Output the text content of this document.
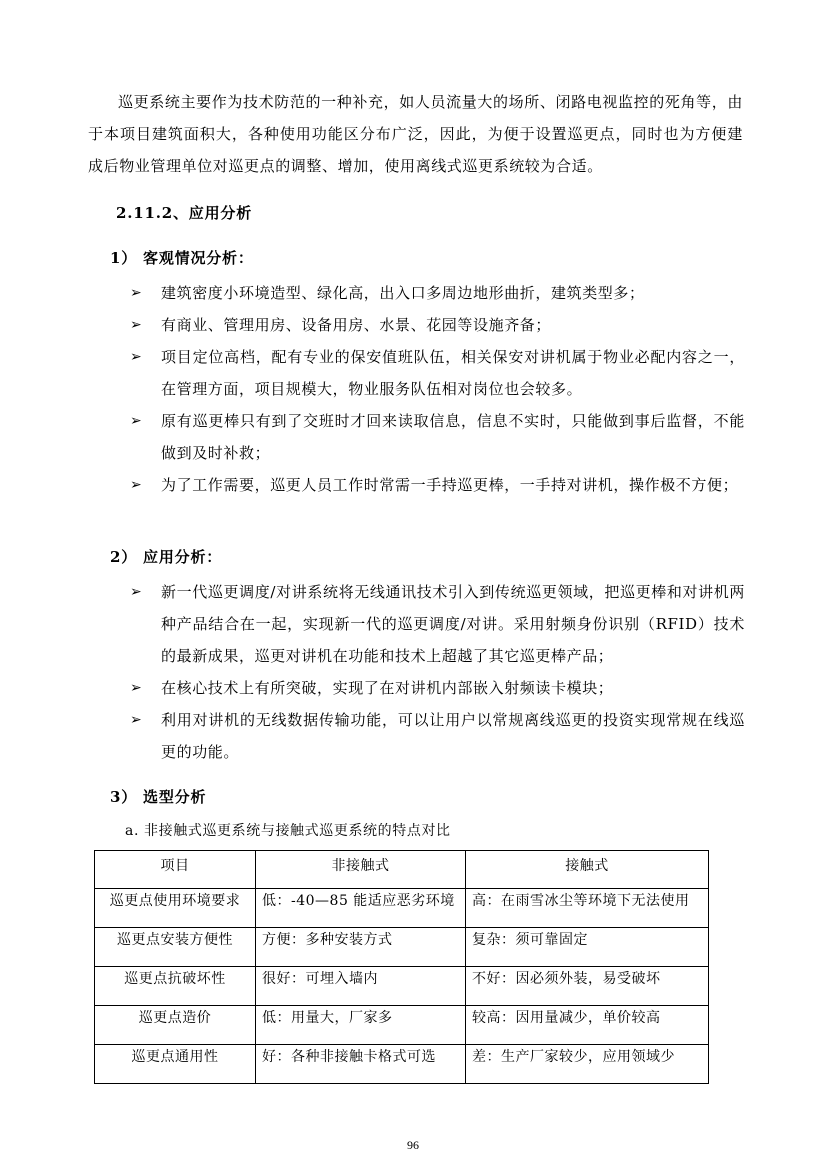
巡更系统主要作为技术防范的一种补充，如人员流量大的场所、闭路电视监控的死角等，由于本项目建筑面积大，各种使用功能区分布广泛，因此，为便于设置巡更点，同时也为方便建成后物业管理单位对巡更点的调整、增加，使用离线式巡更系统较为合适。

2.11.2、应用分析

1） 客观情况分析：

➢ 建筑密度小环境造型、绿化高，出入口多周边地形曲折，建筑类型多；
➢ 有商业、管理用房、设备用房、水景、花园等设施齐备；
➢ 项目定位高档，配有专业的保安值班队伍，相关保安对讲机属于物业必配内容之一，在管理方面，项目规模大，物业服务队伍相对岗位也会较多。
➢ 原有巡更棒只有到了交班时才回来读取信息，信息不实时，只能做到事后监督，不能做到及时补救；
➢ 为了工作需要，巡更人员工作时常需一手持巡更棒，一手持对讲机，操作极不方便；

2） 应用分析：

➢ 新一代巡更调度/对讲系统将无线通讯技术引入到传统巡更领域，把巡更棒和对讲机两种产品结合在一起，实现新一代的巡更调度/对讲。采用射频身份识别（RFID）技术的最新成果，巡更对讲机在功能和技术上超越了其它巡更棒产品；
➢ 在核心技术上有所突破，实现了在对讲机内部嵌入射频读卡模块；
➢ 利用对讲机的无线数据传输功能，可以让用户以常规离线巡更的投资实现常规在线巡更的功能。

3） 选型分析

a. 非接触式巡更系统与接触式巡更系统的特点对比

项目	非接触式	接触式
巡更点使用环境要求	低：-40—85 能适应恶劣环境	高：在雨雪冰尘等环境下无法使用
巡更点安装方便性	方便：多种安装方式	复杂：须可靠固定
巡更点抗破坏性	很好：可埋入墙内	不好：因必须外装，易受破坏
巡更点造价	低：用量大，厂家多	较高：因用量减少，单价较高
巡更点通用性	好：各种非接触卡格式可选	差：生产厂家较少，应用领域少
96
